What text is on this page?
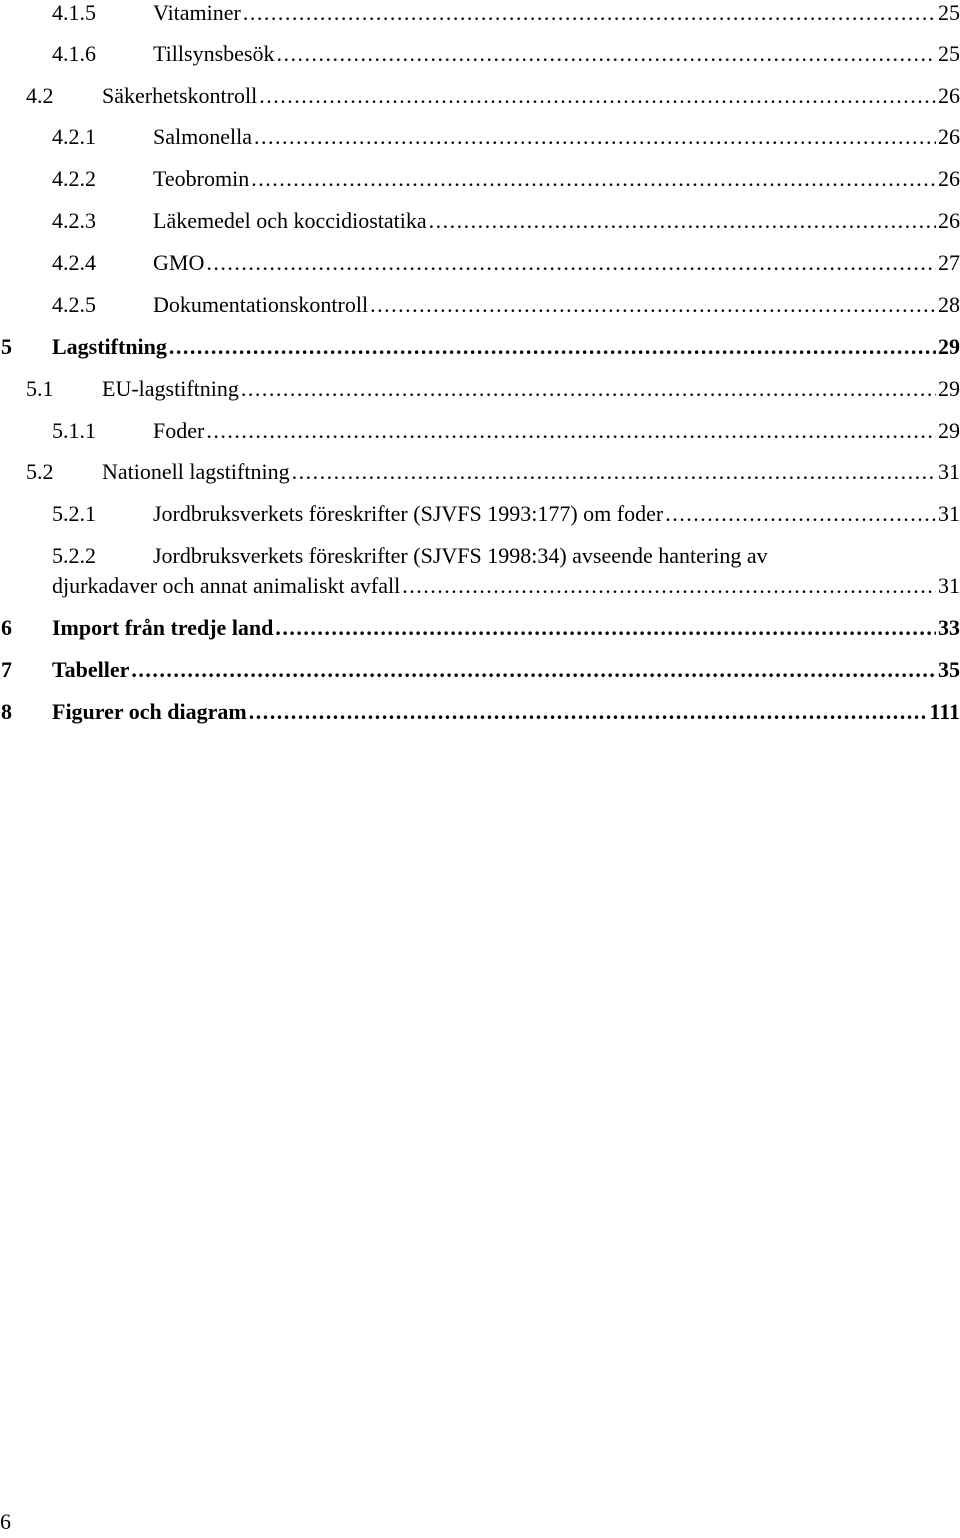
4.1.5	Vitaminer . . .	25
4.1.6	Tillsynsbesök . . .	25
4.2 Säkerhetskontroll . . .	26
4.2.1	Salmonella . . .	26
4.2.2	Teobromin . . .	26
4.2.3	Läkemedel och koccidiostatika . . .	26
4.2.4	GMO . . .	27
4.2.5	Dokumentationskontroll . . .	28
5 Lagstiftning . . .	29
5.1 EU-lagstiftning . . .	29
5.1.1	Foder . . .	29
5.2 Nationell lagstiftning . . .	31
5.2.1	Jordbruksverkets föreskrifter (SJVFS 1993:177) om foder . . .	31
5.2.2	Jordbruksverkets föreskrifter (SJVFS 1998:34) avseende hantering av
djurkadaver och annat animaliskt avfall . . .	31
6 Import från tredje land . . .	33
7 Tabeller . . .	35
8 Figurer och diagram . . .	111
6
